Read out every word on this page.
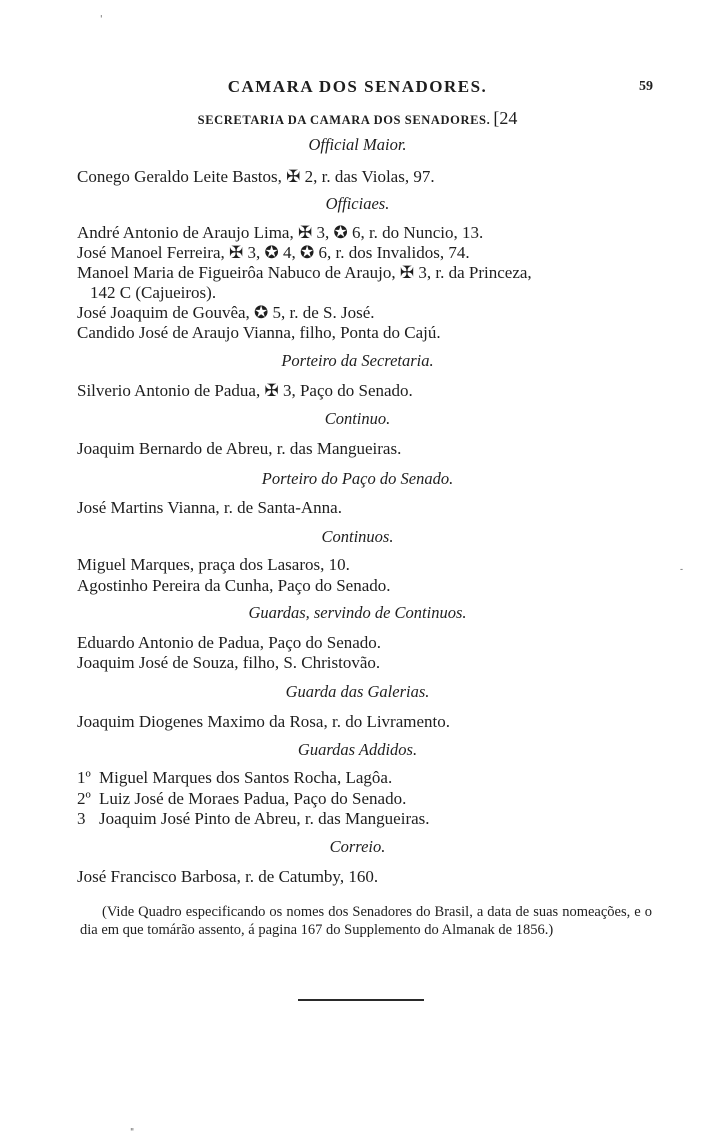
CAMARA DOS SENADORES.	59
SECRETARIA DA CAMARA DOS SENADORES. [24
Official Maior.
Conego Geraldo Leite Bastos, ✠ 2, r. das Violas, 97.
Officiaes.
André Antonio de Araujo Lima, ✠ 3, ✪ 6, r. do Nuncio, 13.
José Manoel Ferreira, ✠ 3, ✪ 4, ✪ 6, r. dos Invalidos, 74.
Manoel Maria de Figueirôa Nabuco de Araujo, ✠ 3, r. da Princeza,
142 C (Cajueiros).
José Joaquim de Gouvêa, ✪ 5, r. de S. José.
Candido José de Araujo Vianna, filho, Ponta do Cajú.
Porteiro da Secretaria.
Silverio Antonio de Padua, ✠ 3, Paço do Senado.
Continuo.
Joaquim Bernardo de Abreu, r. das Mangueiras.
Porteiro do Paço do Senado.
José Martins Vianna, r. de Santa-Anna.
Continuos.
Miguel Marques, praça dos Lasaros, 10.
Agostinho Pereira da Cunha, Paço do Senado.
Guardas, servindo de Continuos.
Eduardo Antonio de Padua, Paço do Senado.
Joaquim José de Souza, filho, S. Christovão.
Guarda das Galerias.
Joaquim Diogenes Maximo da Rosa, r. do Livramento.
Guardas Addidos.
1º Miguel Marques dos Santos Rocha, Lagôa.
2º Luiz José de Moraes Padua, Paço do Senado.
3 Joaquim José Pinto de Abreu, r. das Mangueiras.
Correio.
José Francisco Barbosa, r. de Catumby, 160.
(Vide Quadro especificando os nomes dos Senadores do Brasil, a data de suas nomeações, e o dia em que tomárão assento, á pagina 167 do Supplemento do Almanak de 1856.)
'
-
"
